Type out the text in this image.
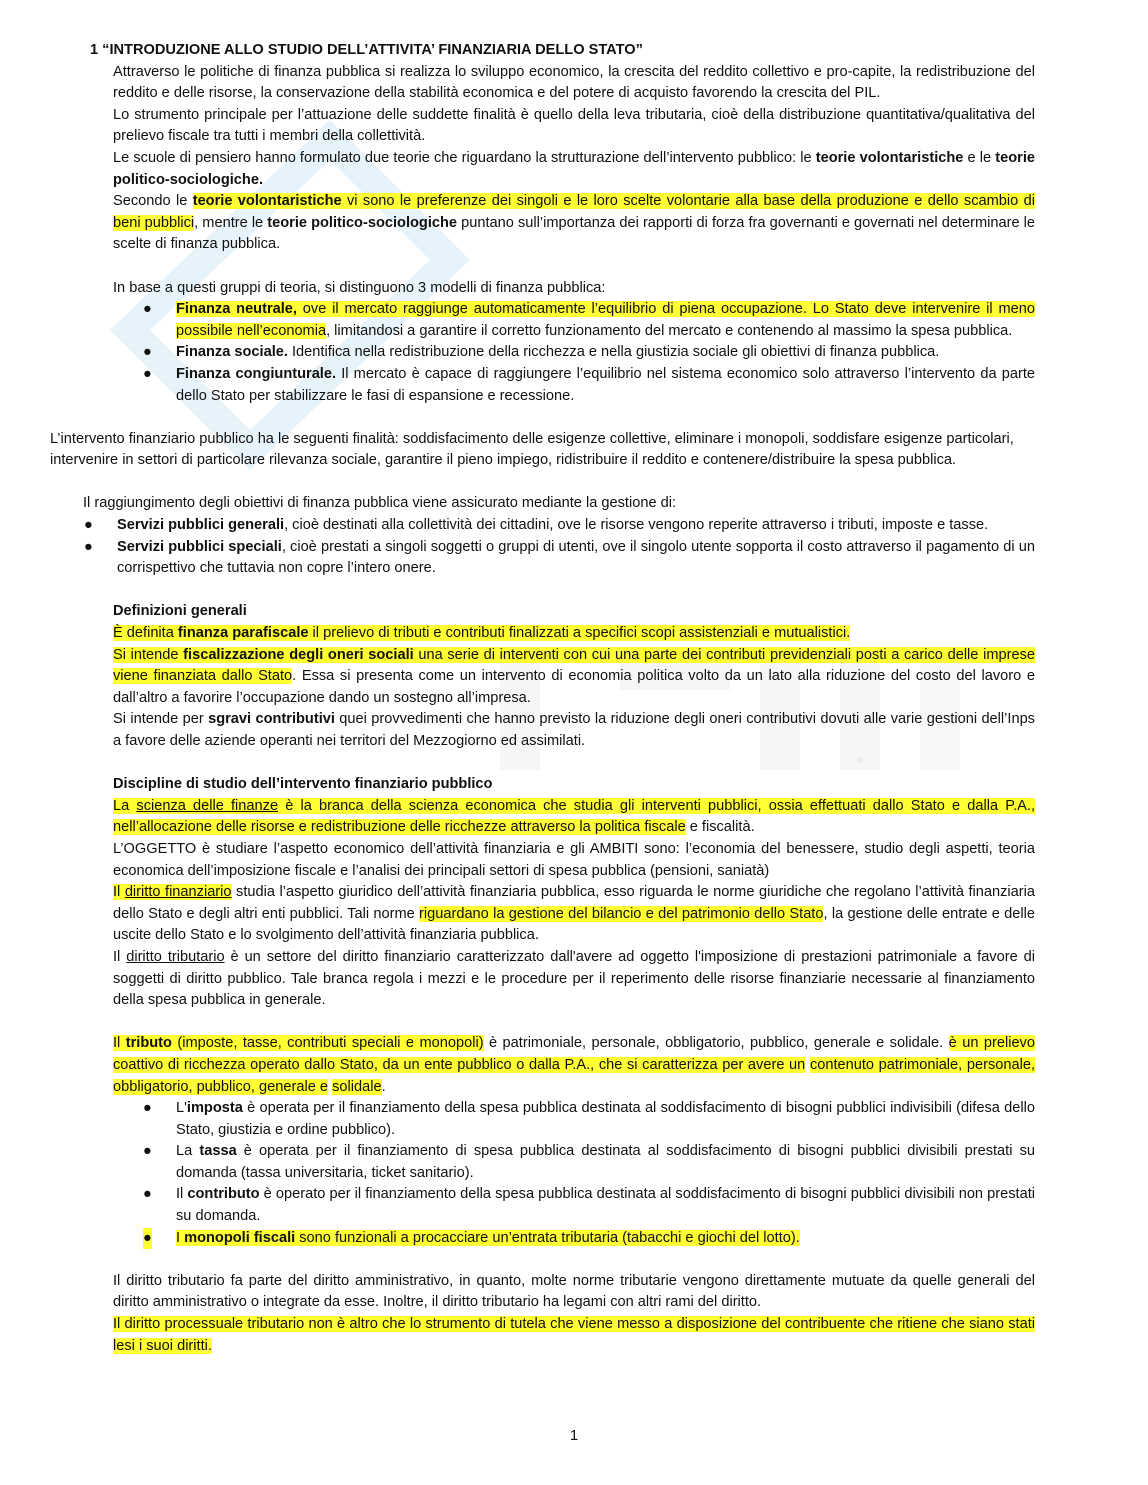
1 “INTRODUZIONE ALLO STUDIO DELL’ATTIVITA’ FINANZIARIA DELLO STATO”

Attraverso le politiche di finanza pubblica si realizza lo sviluppo economico, la crescita del reddito collettivo e pro-capite, la redistribuzione del reddito e delle risorse, la conservazione della stabilità economica e del potere di acquisto favorendo la crescita del PIL.

Lo strumento principale per l’attuazione delle suddette finalità è quello della leva tributaria, cioè della distribuzione quantitativa/qualitativa del prelievo fiscale tra tutti i membri della collettività.

Le scuole di pensiero hanno formulato due teorie che riguardano la strutturazione dell’intervento pubblico: le teorie volontaristiche e le teorie politico-sociologiche.

Secondo le teorie volontaristiche vi sono le preferenze dei singoli e le loro scelte volontarie alla base della produzione e dello scambio di beni pubblici, mentre le teorie politico-sociologiche puntano sull’importanza dei rapporti di forza fra governanti e governati nel determinare le scelte di finanza pubblica.

In base a questi gruppi di teoria, si distinguono 3 modelli di finanza pubblica:

● Finanza neutrale, ove il mercato raggiunge automaticamente l’equilibrio di piena occupazione. Lo Stato deve intervenire il meno possibile nell’economia, limitandosi a garantire il corretto funzionamento del mercato e contenendo al massimo la spesa pubblica.
● Finanza sociale. Identifica nella redistribuzione della ricchezza e nella giustizia sociale gli obiettivi di finanza pubblica.
● Finanza congiunturale. Il mercato è capace di raggiungere l’equilibrio nel sistema economico solo attraverso l’intervento da parte dello Stato per stabilizzare le fasi di espansione e recessione.

L’intervento finanziario pubblico ha le seguenti finalità: soddisfacimento delle esigenze collettive, eliminare i monopoli, soddisfare esigenze particolari, intervenire in settori di particolare rilevanza sociale, garantire il pieno impiego, ridistribuire il reddito e contenere/distribuire la spesa pubblica.

Il raggiungimento degli obiettivi di finanza pubblica viene assicurato mediante la gestione di:

● Servizi pubblici generali, cioè destinati alla collettività dei cittadini, ove le risorse vengono reperite attraverso i tributi, imposte e tasse.
● Servizi pubblici speciali, cioè prestati a singoli soggetti o gruppi di utenti, ove il singolo utente sopporta il costo attraverso il pagamento di un corrispettivo che tuttavia non copre l’intero onere.

Definizioni generali

È definita finanza parafiscale il prelievo di tributi e contributi finalizzati a specifici scopi assistenziali e mutualistici.

Si intende fiscalizzazione degli oneri sociali una serie di interventi con cui una parte dei contributi previdenziali posti a carico delle imprese viene finanziata dallo Stato. Essa si presenta come un intervento di economia politica volto da un lato alla riduzione del costo del lavoro e dall’altro a favorire l’occupazione dando un sostegno all’impresa.

Si intende per sgravi contributivi quei provvedimenti che hanno previsto la riduzione degli oneri contributivi dovuti alle varie gestioni dell’Inps a favore delle aziende operanti nei territori del Mezzogiorno ed assimilati.

Discipline di studio dell’intervento finanziario pubblico

La scienza delle finanze è la branca della scienza economica che studia gli interventi pubblici, ossia effettuati dallo Stato e dalla P.A., nell’allocazione delle risorse e redistribuzione delle ricchezze attraverso la politica fiscale e fiscalità.

L’OGGETTO è studiare l’aspetto economico dell’attività finanziaria e gli AMBITI sono: l’economia del benessere, studio degli aspetti, teoria economica dell’imposizione fiscale e l’analisi dei principali settori di spesa pubblica (pensioni, saniatà)

Il diritto finanziario studia l’aspetto giuridico dell’attività finanziaria pubblica, esso riguarda le norme giuridiche che regolano l’attività finanziaria dello Stato e degli altri enti pubblici. Tali norme riguardano la gestione del bilancio e del patrimonio dello Stato, la gestione delle entrate e delle uscite dello Stato e lo svolgimento dell’attività finanziaria pubblica.

Il diritto tributario è un settore del diritto finanziario caratterizzato dall'avere ad oggetto l'imposizione di prestazioni patrimoniale a favore di soggetti di diritto pubblico. Tale branca regola i mezzi e le procedure per il reperimento delle risorse finanziarie necessarie al finanziamento della spesa pubblica in generale.

Il tributo (imposte, tasse, contributi speciali e monopoli) è patrimoniale, personale, obbligatorio, pubblico, generale e solidale. è un prelievo coattivo di ricchezza operato dallo Stato, da un ente pubblico o dalla P.A., che si caratterizza per avere un contenuto patrimoniale, personale, obbligatorio, pubblico, generale e solidale.

● L'imposta è operata per il finanziamento della spesa pubblica destinata al soddisfacimento di bisogni pubblici indivisibili (difesa dello Stato, giustizia e ordine pubblico).
● La tassa è operata per il finanziamento di spesa pubblica destinata al soddisfacimento di bisogni pubblici divisibili prestati su domanda (tassa universitaria, ticket sanitario).
● Il contributo è operato per il finanziamento della spesa pubblica destinata al soddisfacimento di bisogni pubblici divisibili non prestati su domanda.
● I monopoli fiscali sono funzionali a procacciare un’entrata tributaria (tabacchi e giochi del lotto).

Il diritto tributario fa parte del diritto amministrativo, in quanto, molte norme tributarie vengono direttamente mutuate da quelle generali del diritto amministrativo o integrate da esse. Inoltre, il diritto tributario ha legami con altri rami del diritto.

Il diritto processuale tributario non è altro che lo strumento di tutela che viene messo a disposizione del contribuente che ritiene che siano stati lesi i suoi diritti.

1
